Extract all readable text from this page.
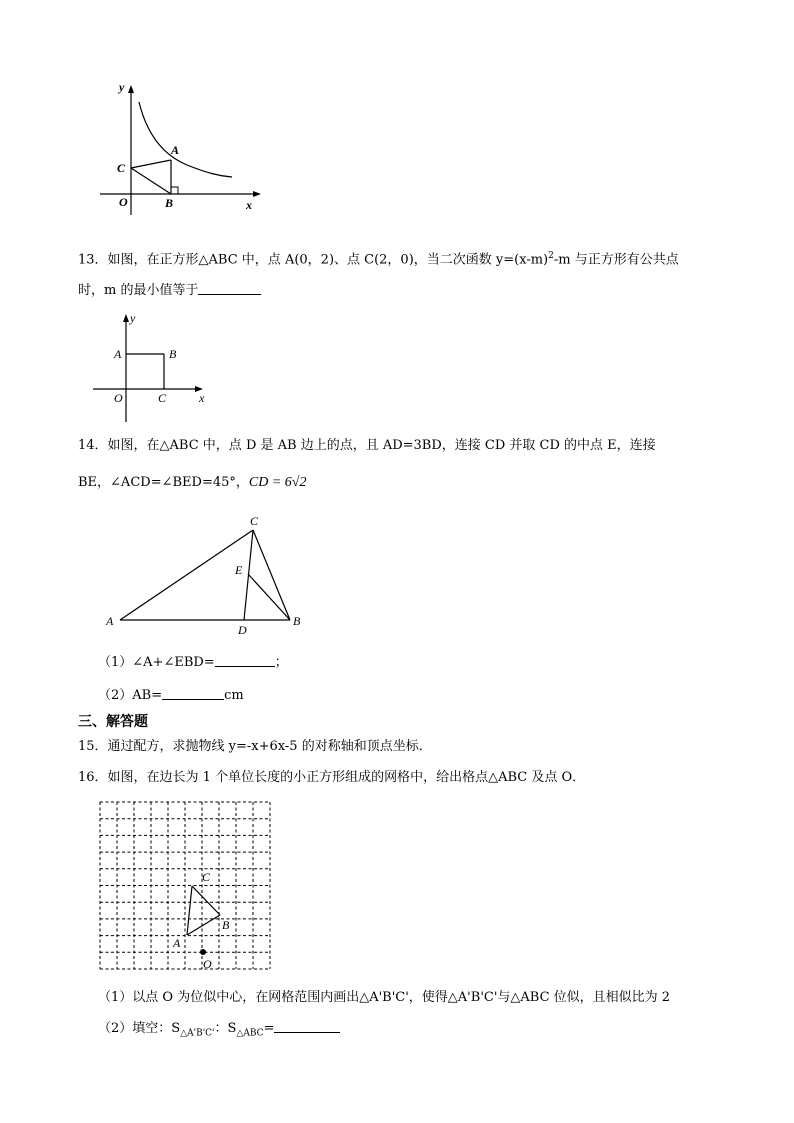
y
x
O	B
C
A
13．如图，在正方形△ABC 中，点 A(0，2)、点 C(2，0)，当二次函数 $y=(x-m)^2-m$ 与正方形有公共点
时，m 的最小值等于
y
x
A	B
O	C
14．如图，在△ABC 中，点 D 是 AB 边上的点，且 AD=3BD，连接 CD 并取 CD 的中点 E，连接
BE，∠ACD=∠BED=45°，CD = 6√2
C
E
A	B
D
（1）∠A+∠EBD=	；
（2）AB=	cm
三、解答题
15．通过配方，求抛物线 y=-x+6x-5 的对称轴和顶点坐标．
16．如图，在边长为 1 个单位长度的小正方形组成的网格中，给出格点△ABC 及点 O．
C
B
A
O
（1）以点 O 为位似中心，在网格范围内画出△A'B'C'，使得△A'B'C'与△ABC 位似，且相似比为 2
（2）填空：$S_{\triangle A'B'C'}$：$S_{\triangle ABC}=$
